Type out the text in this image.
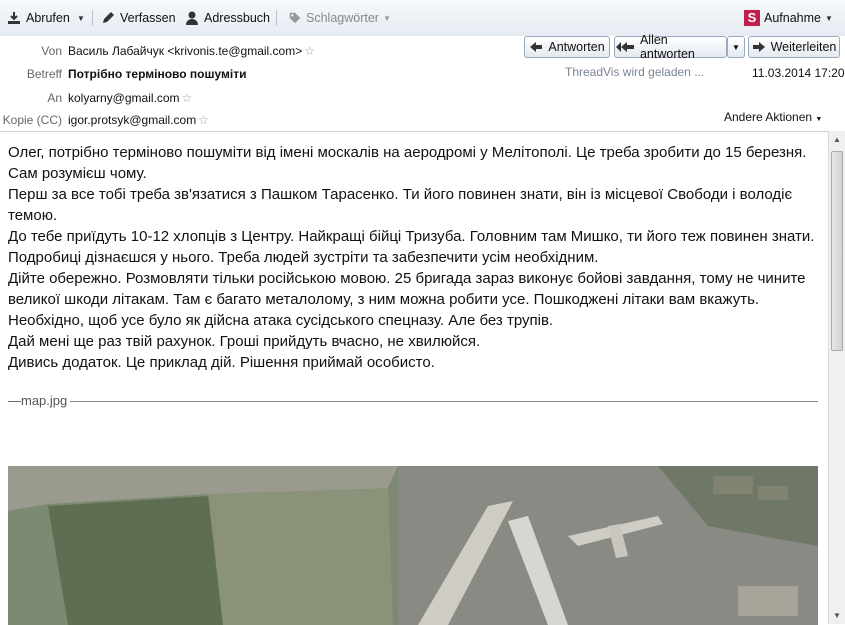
Abrufen ▼	Verfassen Adressbuch	Schlagwörter ▼	S Aufnahme ▼
Von Василь Лабайчук <krivonis.te@gmail.com> ☆
Betreff Потрібно терміново пошуміти
An kolyarny@gmail.com ☆
Kopie (CC) igor.protsyk@gmail.com ☆
Antworten	Allen antworten	▼ Weiterleiten
ThreadVis wird geladen ...	11.03.2014 17:20
Andere Aktionen ▼

Олег, потрібно терміново пошуміти від імені москалів на аеродромі у Мелітополі. Це треба зробити до 15 березня. Сам розумієш чому.

Перш за все тобі треба зв'язатися з Пашком Тарасенко. Ти його повинен знати, він із місцевої Свободи і володіє темою.

До тебе приїдуть 10-12 хлопців з Центру. Найкращі бійці Тризуба. Головним там Мишко, ти його теж повинен знати. Подробиці дізнаєшся у нього. Треба людей зустріти та забезпечити усім необхідним.

Дійте обережно. Розмовляти тільки російською мовою. 25 бригада зараз виконує бойові завдання, тому не чините великої шкоди літакам. Там є багато металолому, з ним можна робити усе. Пошкоджені літаки вам вкажуть. Необхідно, щоб усе було як дійсна атака сусідського спецназу. Але без трупів.

Дай мені ще раз твій рахунок. Гроші прийдуть вчасно, не хвилюйся.

Дивись додаток. Це приклад дій. Рішення приймай особисто.

—map.jpg
▲
▼
